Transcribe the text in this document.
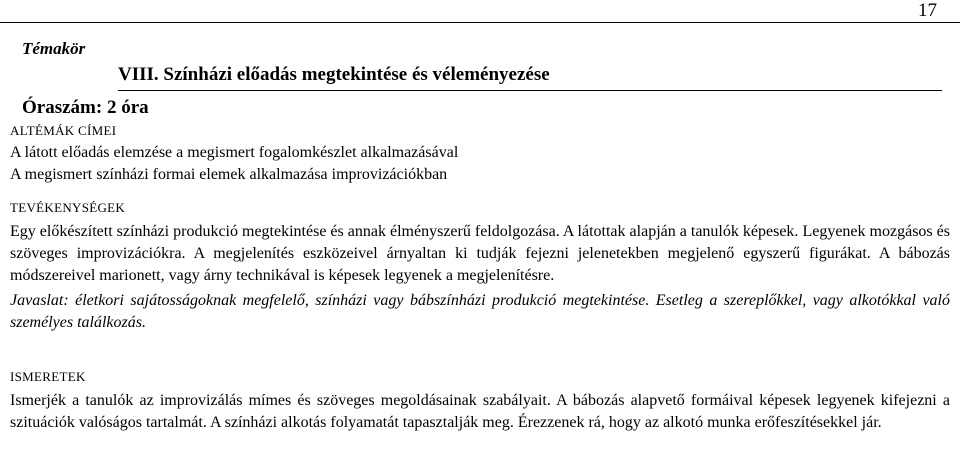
17
Témakör
VIII. Színházi előadás megtekintése és véleményezése
Óraszám: 2 óra
ALTÉMÁK CÍMEI
A látott előadás elemzése a megismert fogalomkészlet alkalmazásával
A megismert színházi formai elemek alkalmazása improvizációkban
TEVÉKENYSÉGEK
Egy előkészített színházi produkció megtekintése és annak élményszerű feldolgozása. A látottak alapján a tanulók képesek. Legyenek mozgásos és szöveges improvizációkra. A megjelenítés eszközeivel árnyaltan ki tudják fejezni jelenetekben megjelenő egyszerű figurákat. A bábozás módszereivel marionett, vagy árny technikával is képesek legyenek a megjelenítésre.
Javaslat: életkori sajátosságoknak megfelelő, színházi vagy bábszínházi produkció megtekintése. Esetleg a szereplőkkel, vagy alkotókkal való személyes találkozás.
ISMERETEK
Ismerjék a tanulók az improvizálás mímes és szöveges megoldásainak szabályait. A bábozás alapvető formáival képesek legyenek kifejezni a szituációk valóságos tartalmát. A színházi alkotás folyamatát tapasztalják meg. Érezzenek rá, hogy az alkotó munka erőfeszítésekkel jár.
